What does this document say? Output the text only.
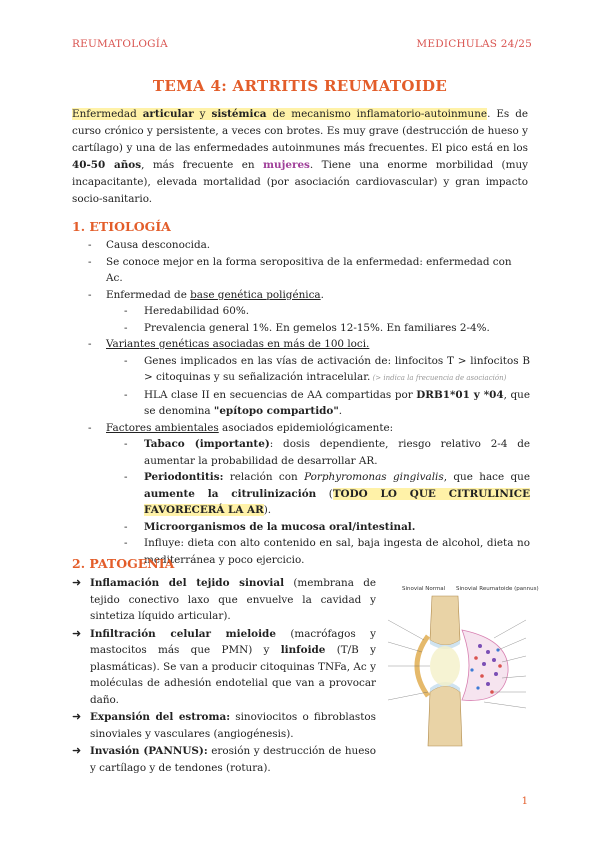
REUMATOLOGÍA	MEDICHULAS 24/25
TEMA 4: ARTRITIS REUMATOIDE
Enfermedad articular y sistémica de mecanismo inflamatorio-autoinmune. Es de curso crónico y persistente, a veces con brotes. Es muy grave (destrucción de hueso y cartílago) y una de las enfermedades autoinmunes más frecuentes. El pico está en los 40-50 años, más frecuente en mujeres. Tiene una enorme morbilidad (muy incapacitante), elevada mortalidad (por asociación cardiovascular) y gran impacto socio-sanitario.
1. ETIOLOGÍA
- Causa desconocida.
- Se conoce mejor en la forma seropositiva de la enfermedad: enfermedad con Ac.
- Enfermedad de base genética poligénica.
- Heredabilidad 60%.
- Prevalencia general 1%. En gemelos 12-15%. En familiares 2-4%.
- Variantes genéticas asociadas en más de 100 loci.
- Genes implicados en las vías de activación de: linfocitos T > linfocitos B > citoquinas y su señalización intracelular. (> indica la frecuencia de asociación)
- HLA clase II en secuencias de AA compartidas por DRB1*01 y *04, que se denomina "epítopo compartido".
- Factores ambientales asociados epidemiológicamente:
- Tabaco (importante): dosis dependiente, riesgo relativo 2-4 de aumentar la probabilidad de desarrollar AR.
- Periodontitis: relación con Porphyromonas gingivalis, que hace que aumente la citrulinización (TODO LO QUE CITRULINICE FAVORECERÁ LA AR).
- Microorganismos de la mucosa oral/intestinal.
- Influye: dieta con alto contenido en sal, baja ingesta de alcohol, dieta no mediterránea y poco ejercicio.
2. PATOGENIA
➜ Inflamación del tejido sinovial (membrana de tejido conectivo laxo que envuelve la cavidad y sintetiza líquido articular).
➜ Infiltración celular mieloide (macrófagos y mastocitos más que PMN) y linfoide (T/B y plasmáticas). Se van a producir citoquinas TNFa, Ac y moléculas de adhesión endotelial que van a provocar daño.
➜ Expansión del estroma: sinoviocitos o fibroblastos sinoviales y vasculares (angiogénesis).
➜ Invasión (PANNUS): erosión y destrucción de hueso y cartílago y de tendones (rotura).
Sinovial Normal Sinovial Reumatoide (pannus)
1
